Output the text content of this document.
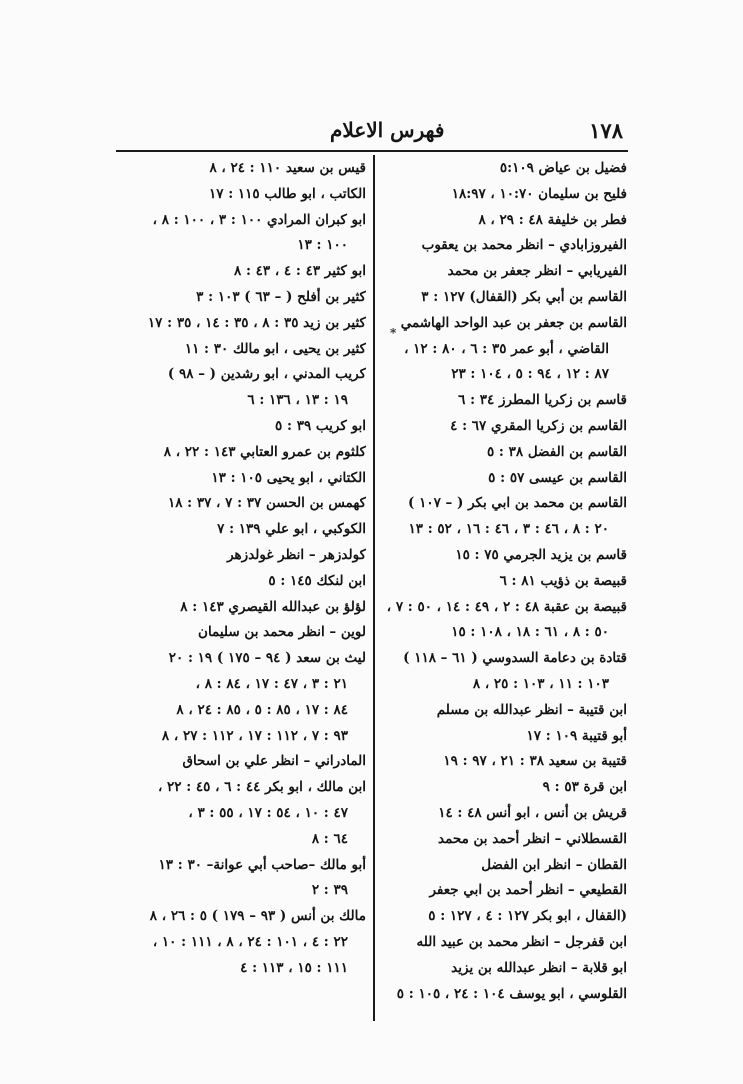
١٧٨
فهرس الاعلام
*
فضيل بن عياض ٥:١٠٩
فليح بن سليمان ١٠:٧٠ ، ١٨:٩٧
فطر بن خليفة ٤٨ : ٢٩ ، ٨
الفيروزابادي – انظر محمد بن يعقوب
الفيريابي – انظر جعفر بن محمد
القاسم بن أبي بكر (القفال) ١٢٧ : ٣
القاسم بن جعفر بن عبد الواحد الهاشمي
القاضي ، أبو عمر ٣٥ : ٦ ، ٨٠ : ١٢ ،
٨٧ : ١٢ ، ٩٤ : ٥ ، ١٠٤ : ٢٣
قاسم بن زكريا المطرز ٣٤ : ٦
القاسم بن زكريا المقري ٦٧ : ٤
القاسم بن الفضل ٣٨ : ٥
القاسم بن عيسى ٥٧ : ٥
القاسم بن محمد بن ابي بكر ( – ١٠٧ )
٢٠ : ٨ ، ٤٦ : ٣ ، ٤٦ : ١٦ ، ٥٢ : ١٣
قاسم بن يزيد الجرمي ٧٥ : ١٥
قبيصة بن ذؤيب ٨١ : ٦
قبيصة بن عقبة ٤٨ : ٢ ، ٤٩ : ١٤ ، ٥٠ : ٧ ،
٥٠ : ٨ ، ٦١ : ١٨ ، ١٠٨ : ١٥
قتادة بن دعامة السدوسي ( ٦١ – ١١٨ )
١٠٣ : ١١ ، ١٠٣ : ٢٥ ، ٨
ابن قتيبة – انظر عبدالله بن مسلم
أبو قتيبة ١٠٩ : ١٧
قتيبة بن سعيد ٣٨ : ٢١ ، ٩٧ : ١٩
ابن قرة ٥٣ : ٩
قريش بن أنس ، ابو أنس ٤٨ : ١٤
القسطلاني – انظر أحمد بن محمد
القطان – انظر ابن الفضل
القطيعي – انظر أحمد بن ابي جعفر
(القفال ، ابو بكر ١٢٧ : ٤ ، ١٢٧ : ٥
ابن قفرجل – انظر محمد بن عبيد الله
ابو قلابة – انظر عبدالله بن يزيد
القلوسي ، ابو يوسف ١٠٤ : ٢٤ ، ١٠٥ : ٥
قيس بن سعيد ١١٠ : ٢٤ ، ٨
الكاتب ، ابو طالب ١١٥ : ١٧
ابو كبران المرادي ١٠٠ : ٣ ، ١٠٠ : ٨ ،
١٠٠ : ١٣
ابو كثير ٤٣ : ٤ ، ٤٣ : ٨
كثير بن أفلح ( – ٦٣ ) ١٠٣ : ٣
كثير بن زيد ٣٥ : ٨ ، ٣٥ : ١٤ ، ٣٥ : ١٧
كثير بن يحيى ، ابو مالك ٣٠ : ١١
كريب المدني ، ابو رشدين ( – ٩٨ )
١٩ : ١٣ ، ١٣٦ : ٦
ابو كريب ٣٩ : ٥
كلثوم بن عمرو العتابي ١٤٣ : ٢٢ ، ٨
الكتاني ، ابو يحيى ١٠٥ : ١٣
كهمس بن الحسن ٣٧ : ٧ ، ٣٧ : ١٨
الكوكبي ، ابو علي ١٣٩ : ٧
كولدزهر – انظر غولدزهر
ابن لنكك ١٤٥ : ٥
لؤلؤ بن عبدالله القيصري ١٤٣ : ٨
لوين – انظر محمد بن سليمان
ليث بن سعد ( ٩٤ – ١٧٥ ) ١٩ : ٢٠
٢١ : ٣ ، ٤٧ : ١٧ ، ٨٤ : ٨ ،
٨٤ : ١٧ ، ٨٥ : ٥ ، ٨٥ : ٢٤ ، ٨
٩٣ : ٧ ، ١١٢ : ١٧ ، ١١٢ : ٢٧ ، ٨
المادراني – انظر علي بن اسحاق
ابن مالك ، ابو بكر ٤٤ : ٦ ، ٤٥ : ٢٢ ،
٤٧ : ١٠ ، ٥٤ : ١٧ ، ٥٥ : ٣ ،
٦٤ : ٨
أبو مالك –صاحب أبي عوانة– ٣٠ : ١٣
٣٩ : ٢
مالك بن أنس ( ٩٣ – ١٧٩ ) ٥ : ٢٦ ، ٨
٢٢ : ٤ ، ١٠١ : ٢٤ ، ٨ ، ١١١ : ١٠ ،
١١١ : ١٥ ، ١١٣ : ٤
